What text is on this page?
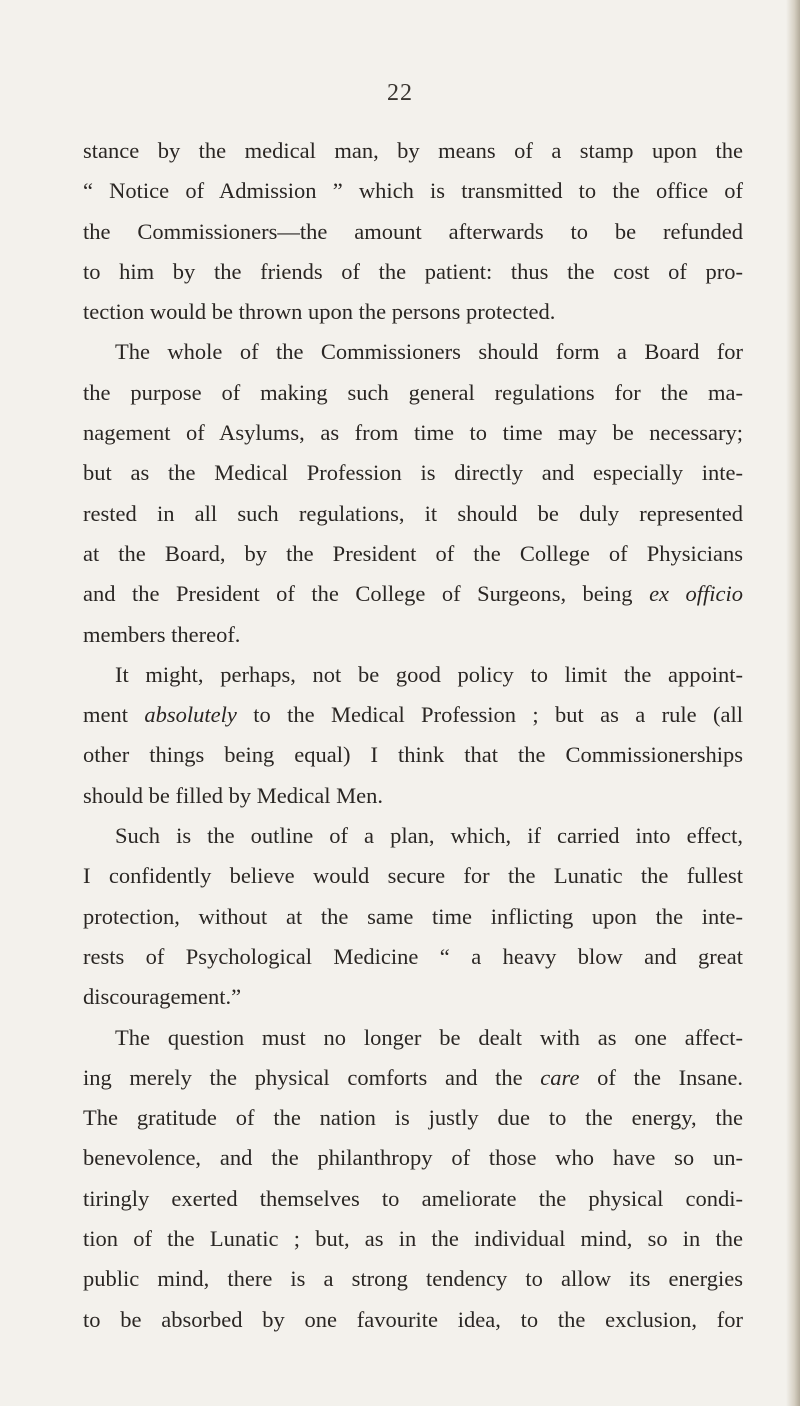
22
stance by the medical man, by means of a stamp upon the
“ Notice of Admission ” which is transmitted to the office of
the Commissioners—the amount afterwards to be refunded
to him by the friends of the patient: thus the cost of pro-
tection would be thrown upon the persons protected.
The whole of the Commissioners should form a Board for
the purpose of making such general regulations for the ma-
nagement of Asylums, as from time to time may be necessary;
but as the Medical Profession is directly and especially inte-
rested in all such regulations, it should be duly represented
at the Board, by the President of the College of Physicians
and the President of the College of Surgeons, being ex officio
members thereof.
It might, perhaps, not be good policy to limit the appoint-
ment absolutely to the Medical Profession ; but as a rule (all
other things being equal) I think that the Commissionerships
should be filled by Medical Men.
Such is the outline of a plan, which, if carried into effect,
I confidently believe would secure for the Lunatic the fullest
protection, without at the same time inflicting upon the inte-
rests of Psychological Medicine “ a heavy blow and great
discouragement.”
The question must no longer be dealt with as one affect-
ing merely the physical comforts and the care of the Insane.
The gratitude of the nation is justly due to the energy, the
benevolence, and the philanthropy of those who have so un-
tiringly exerted themselves to ameliorate the physical condi-
tion of the Lunatic ; but, as in the individual mind, so in the
public mind, there is a strong tendency to allow its energies
to be absorbed by one favourite idea, to the exclusion, for
